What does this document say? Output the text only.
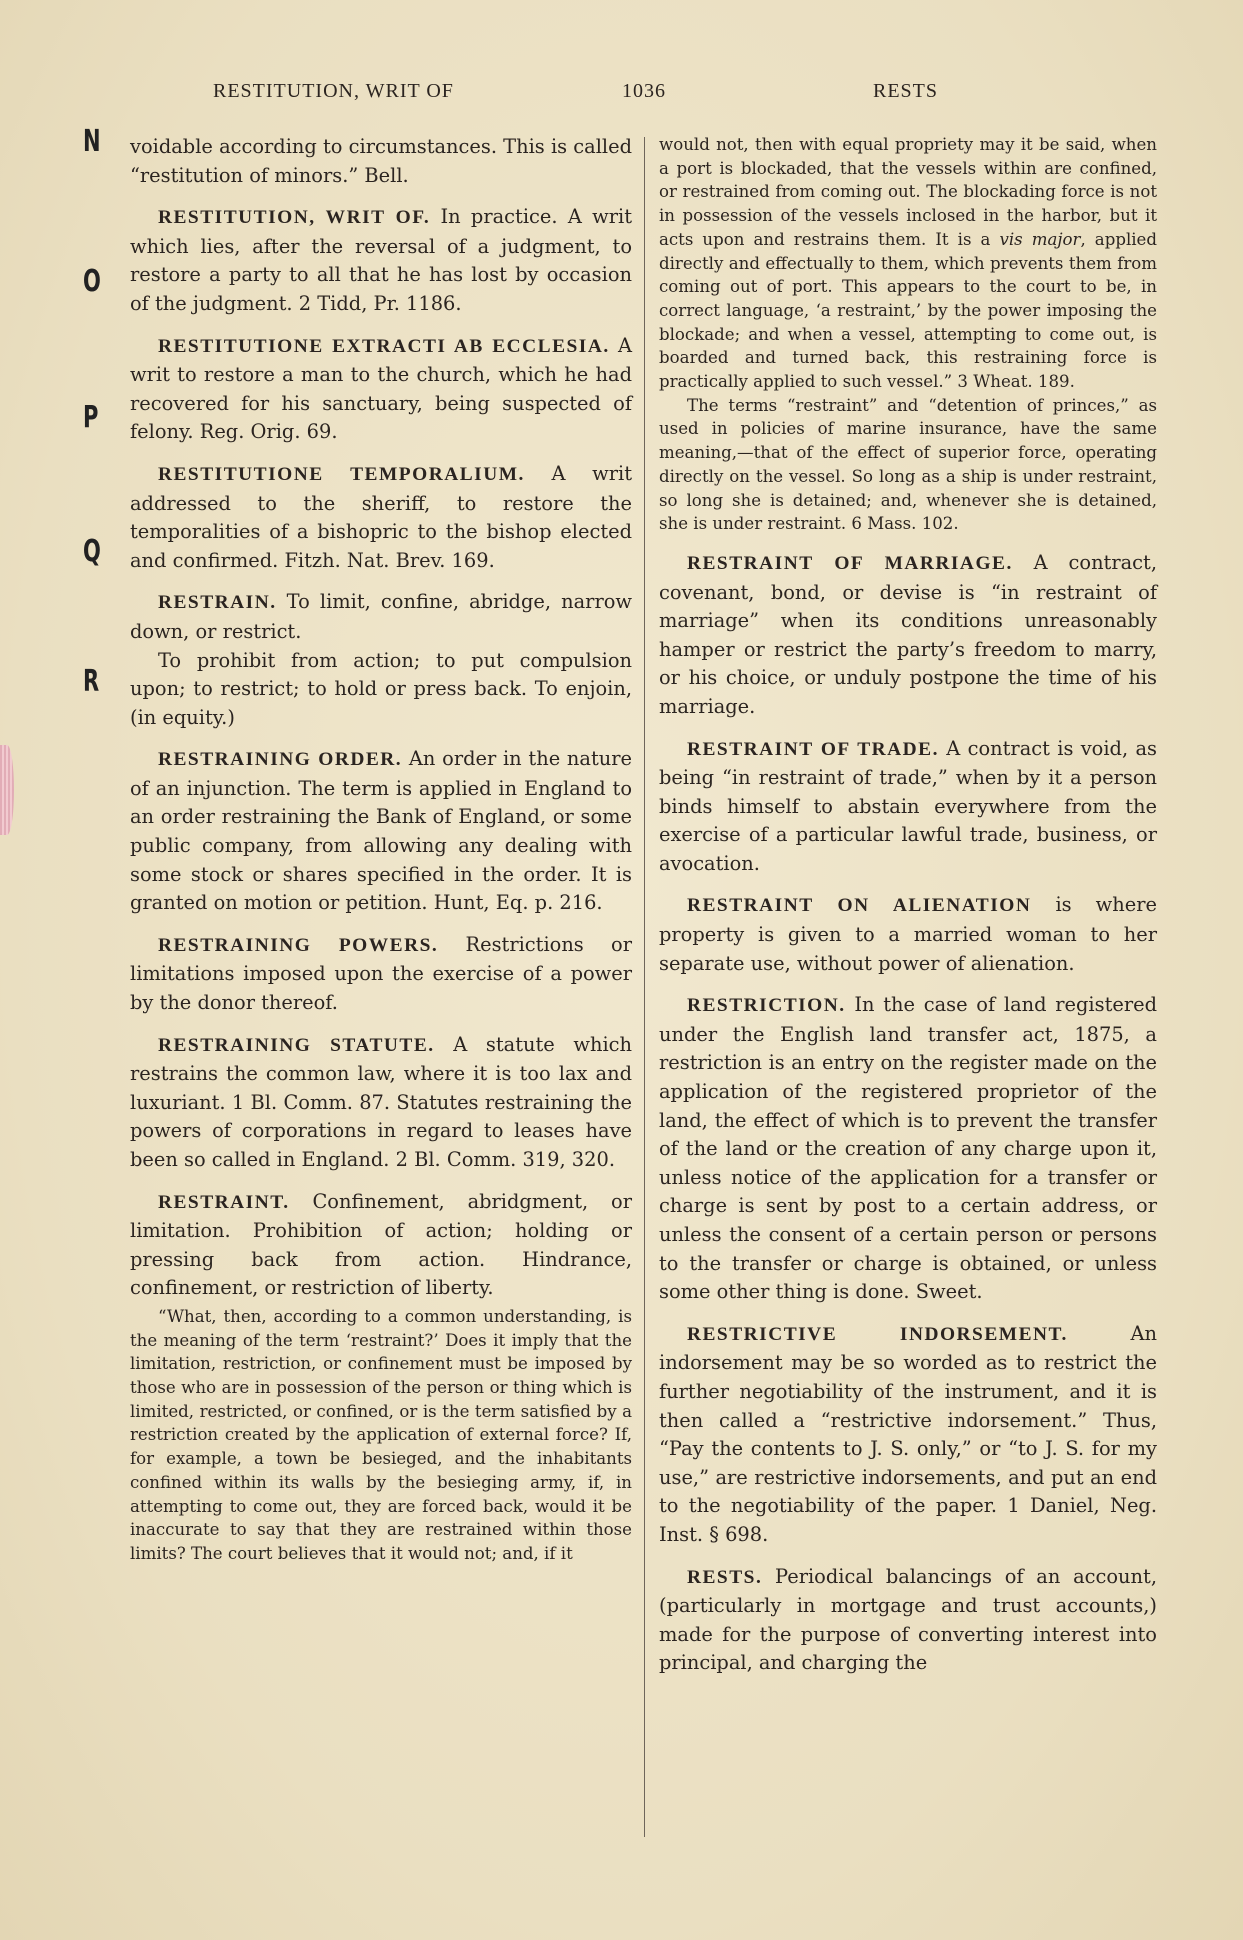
RESTITUTION, WRIT OF	1036	RESTS
N
O
P
Q
R

voidable according to circumstances. This is called “restitution of minors.” Bell.

RESTITUTION, WRIT OF. In practice. A writ which lies, after the reversal of a judgment, to restore a party to all that he has lost by occasion of the judgment. 2 Tidd, Pr. 1186.

RESTITUTIONE EXTRACTI AB ECCLESIA. A writ to restore a man to the church, which he had recovered for his sanctuary, being suspected of felony. Reg. Orig. 69.

RESTITUTIONE TEMPORALIUM. A writ addressed to the sheriff, to restore the temporalities of a bishopric to the bishop elected and confirmed. Fitzh. Nat. Brev. 169.

RESTRAIN. To limit, confine, abridge, narrow down, or restrict.

To prohibit from action; to put compulsion upon; to restrict; to hold or press back. To enjoin, (in equity.)

RESTRAINING ORDER. An order in the nature of an injunction. The term is applied in England to an order restraining the Bank of England, or some public company, from allowing any dealing with some stock or shares specified in the order. It is granted on motion or petition. Hunt, Eq. p. 216.

RESTRAINING POWERS. Restrictions or limitations imposed upon the exercise of a power by the donor thereof.

RESTRAINING STATUTE. A statute which restrains the common law, where it is too lax and luxuriant. 1 Bl. Comm. 87. Statutes restraining the powers of corporations in regard to leases have been so called in England. 2 Bl. Comm. 319, 320.

RESTRAINT. Confinement, abridgment, or limitation. Prohibition of action; holding or pressing back from action. Hindrance, confinement, or restriction of liberty.

“What, then, according to a common understanding, is the meaning of the term ‘restraint?’ Does it imply that the limitation, restriction, or confinement must be imposed by those who are in possession of the person or thing which is limited, restricted, or confined, or is the term satisfied by a restriction created by the application of external force? If, for example, a town be besieged, and the inhabitants confined within its walls by the besieging army, if, in attempting to come out, they are forced back, would it be inaccurate to say that they are restrained within those limits? The court believes that it would not; and, if it

would not, then with equal propriety may it be said, when a port is blockaded, that the vessels within are confined, or restrained from coming out. The blockading force is not in possession of the vessels inclosed in the harbor, but it acts upon and restrains them. It is a vis major, applied directly and effectually to them, which prevents them from coming out of port. This appears to the court to be, in correct language, ‘a restraint,’ by the power imposing the blockade; and when a vessel, attempting to come out, is boarded and turned back, this restraining force is practically applied to such vessel.” 3 Wheat. 189.

The terms “restraint” and “detention of princes,” as used in policies of marine insurance, have the same meaning,—that of the effect of superior force, operating directly on the vessel. So long as a ship is under restraint, so long she is detained; and, whenever she is detained, she is under restraint. 6 Mass. 102.

RESTRAINT OF MARRIAGE. A contract, covenant, bond, or devise is “in restraint of marriage” when its conditions unreasonably hamper or restrict the party’s freedom to marry, or his choice, or unduly postpone the time of his marriage.

RESTRAINT OF TRADE. A contract is void, as being “in restraint of trade,” when by it a person binds himself to abstain everywhere from the exercise of a particular lawful trade, business, or avocation.

RESTRAINT ON ALIENATION is where property is given to a married woman to her separate use, without power of alienation.

RESTRICTION. In the case of land registered under the English land transfer act, 1875, a restriction is an entry on the register made on the application of the registered proprietor of the land, the effect of which is to prevent the transfer of the land or the creation of any charge upon it, unless notice of the application for a transfer or charge is sent by post to a certain address, or unless the consent of a certain person or persons to the transfer or charge is obtained, or unless some other thing is done. Sweet.

RESTRICTIVE INDORSEMENT.	An indorsement may be so worded as to restrict the further negotiability of the instrument, and it is then called a “restrictive indorsement.” Thus, “Pay the contents to J. S. only,” or “to J. S. for my use,” are restrictive indorsements, and put an end to the negotiability of the paper. 1 Daniel, Neg. Inst. § 698.

RESTS. Periodical balancings of an account, (particularly in mortgage and trust accounts,) made for the purpose of converting interest into principal, and charging the
